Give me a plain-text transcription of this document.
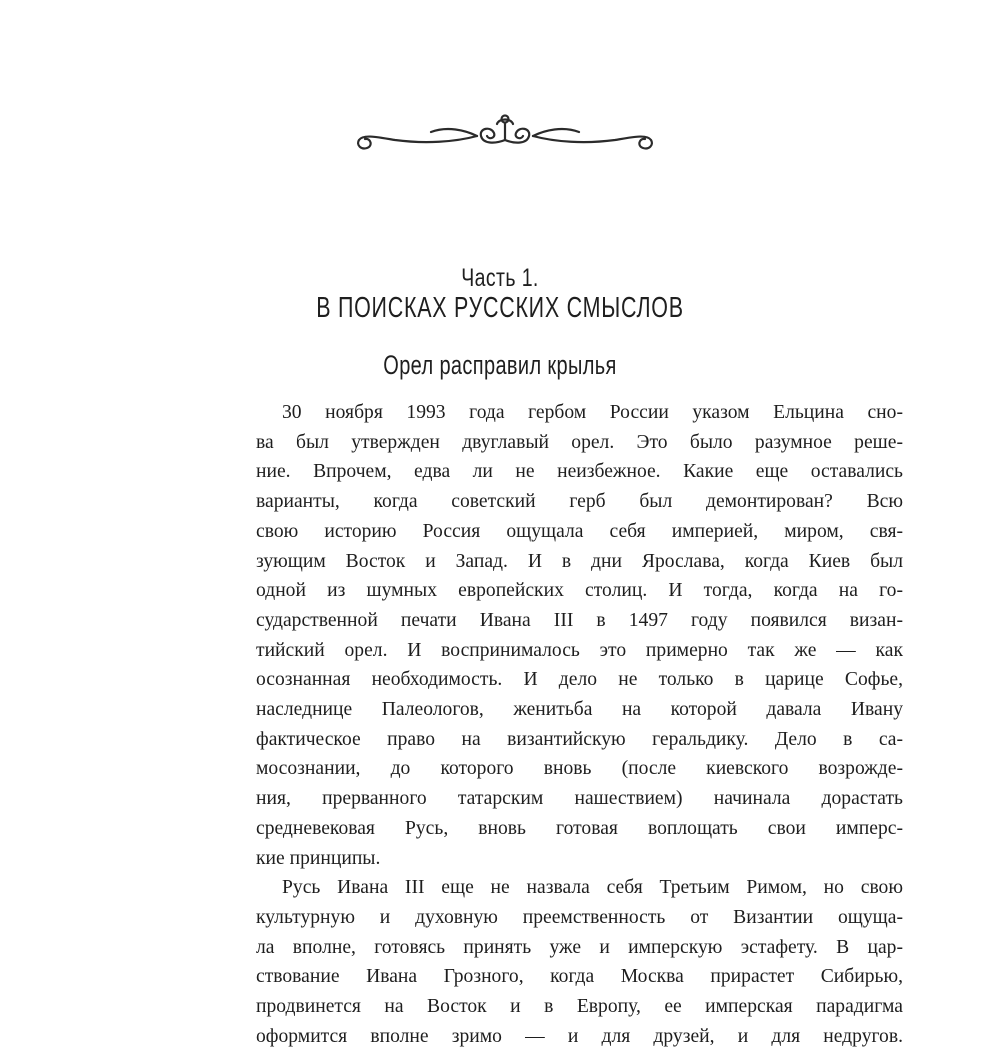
Часть 1.
В ПОИСКАХ РУССКИХ СМЫСЛОВ
Орел расправил крылья

30 ноября 1993 года гербом России указом Ельцина сно-

ва был утвержден двуглавый орел. Это было разумное реше-

ние. Впрочем, едва ли не неизбежное. Какие еще оставались

варианты, когда советский герб был демонтирован? Всю

свою историю Россия ощущала себя империей, миром, свя-

зующим Восток и Запад. И в дни Ярослава, когда Киев был

одной из шумных европейских столиц. И тогда, когда на го-

сударственной печати Ивана III в 1497 году появился визан-

тийский орел. И воспринималось это примерно так же — как

осознанная необходимость. И дело не только в царице Софье,

наследнице Палеологов, женитьба на которой давала Ивану

фактическое право на византийскую геральдику. Дело в са-

мосознании, до которого вновь (после киевского возрожде-

ния, прерванного татарским нашествием) начинала дорастать

средневековая Русь, вновь готовая воплощать свои имперс-

кие принципы.

Русь Ивана III еще не назвала себя Третьим Римом, но свою

культурную и духовную преемственность от Византии ощуща-

ла вполне, готовясь принять уже и имперскую эстафету. В цар-

ствование Ивана Грозного, когда Москва прирастет Сибирью,

продвинется на Восток и в Европу, ее имперская парадигма

оформится вполне зримо — и для друзей, и для недругов.
